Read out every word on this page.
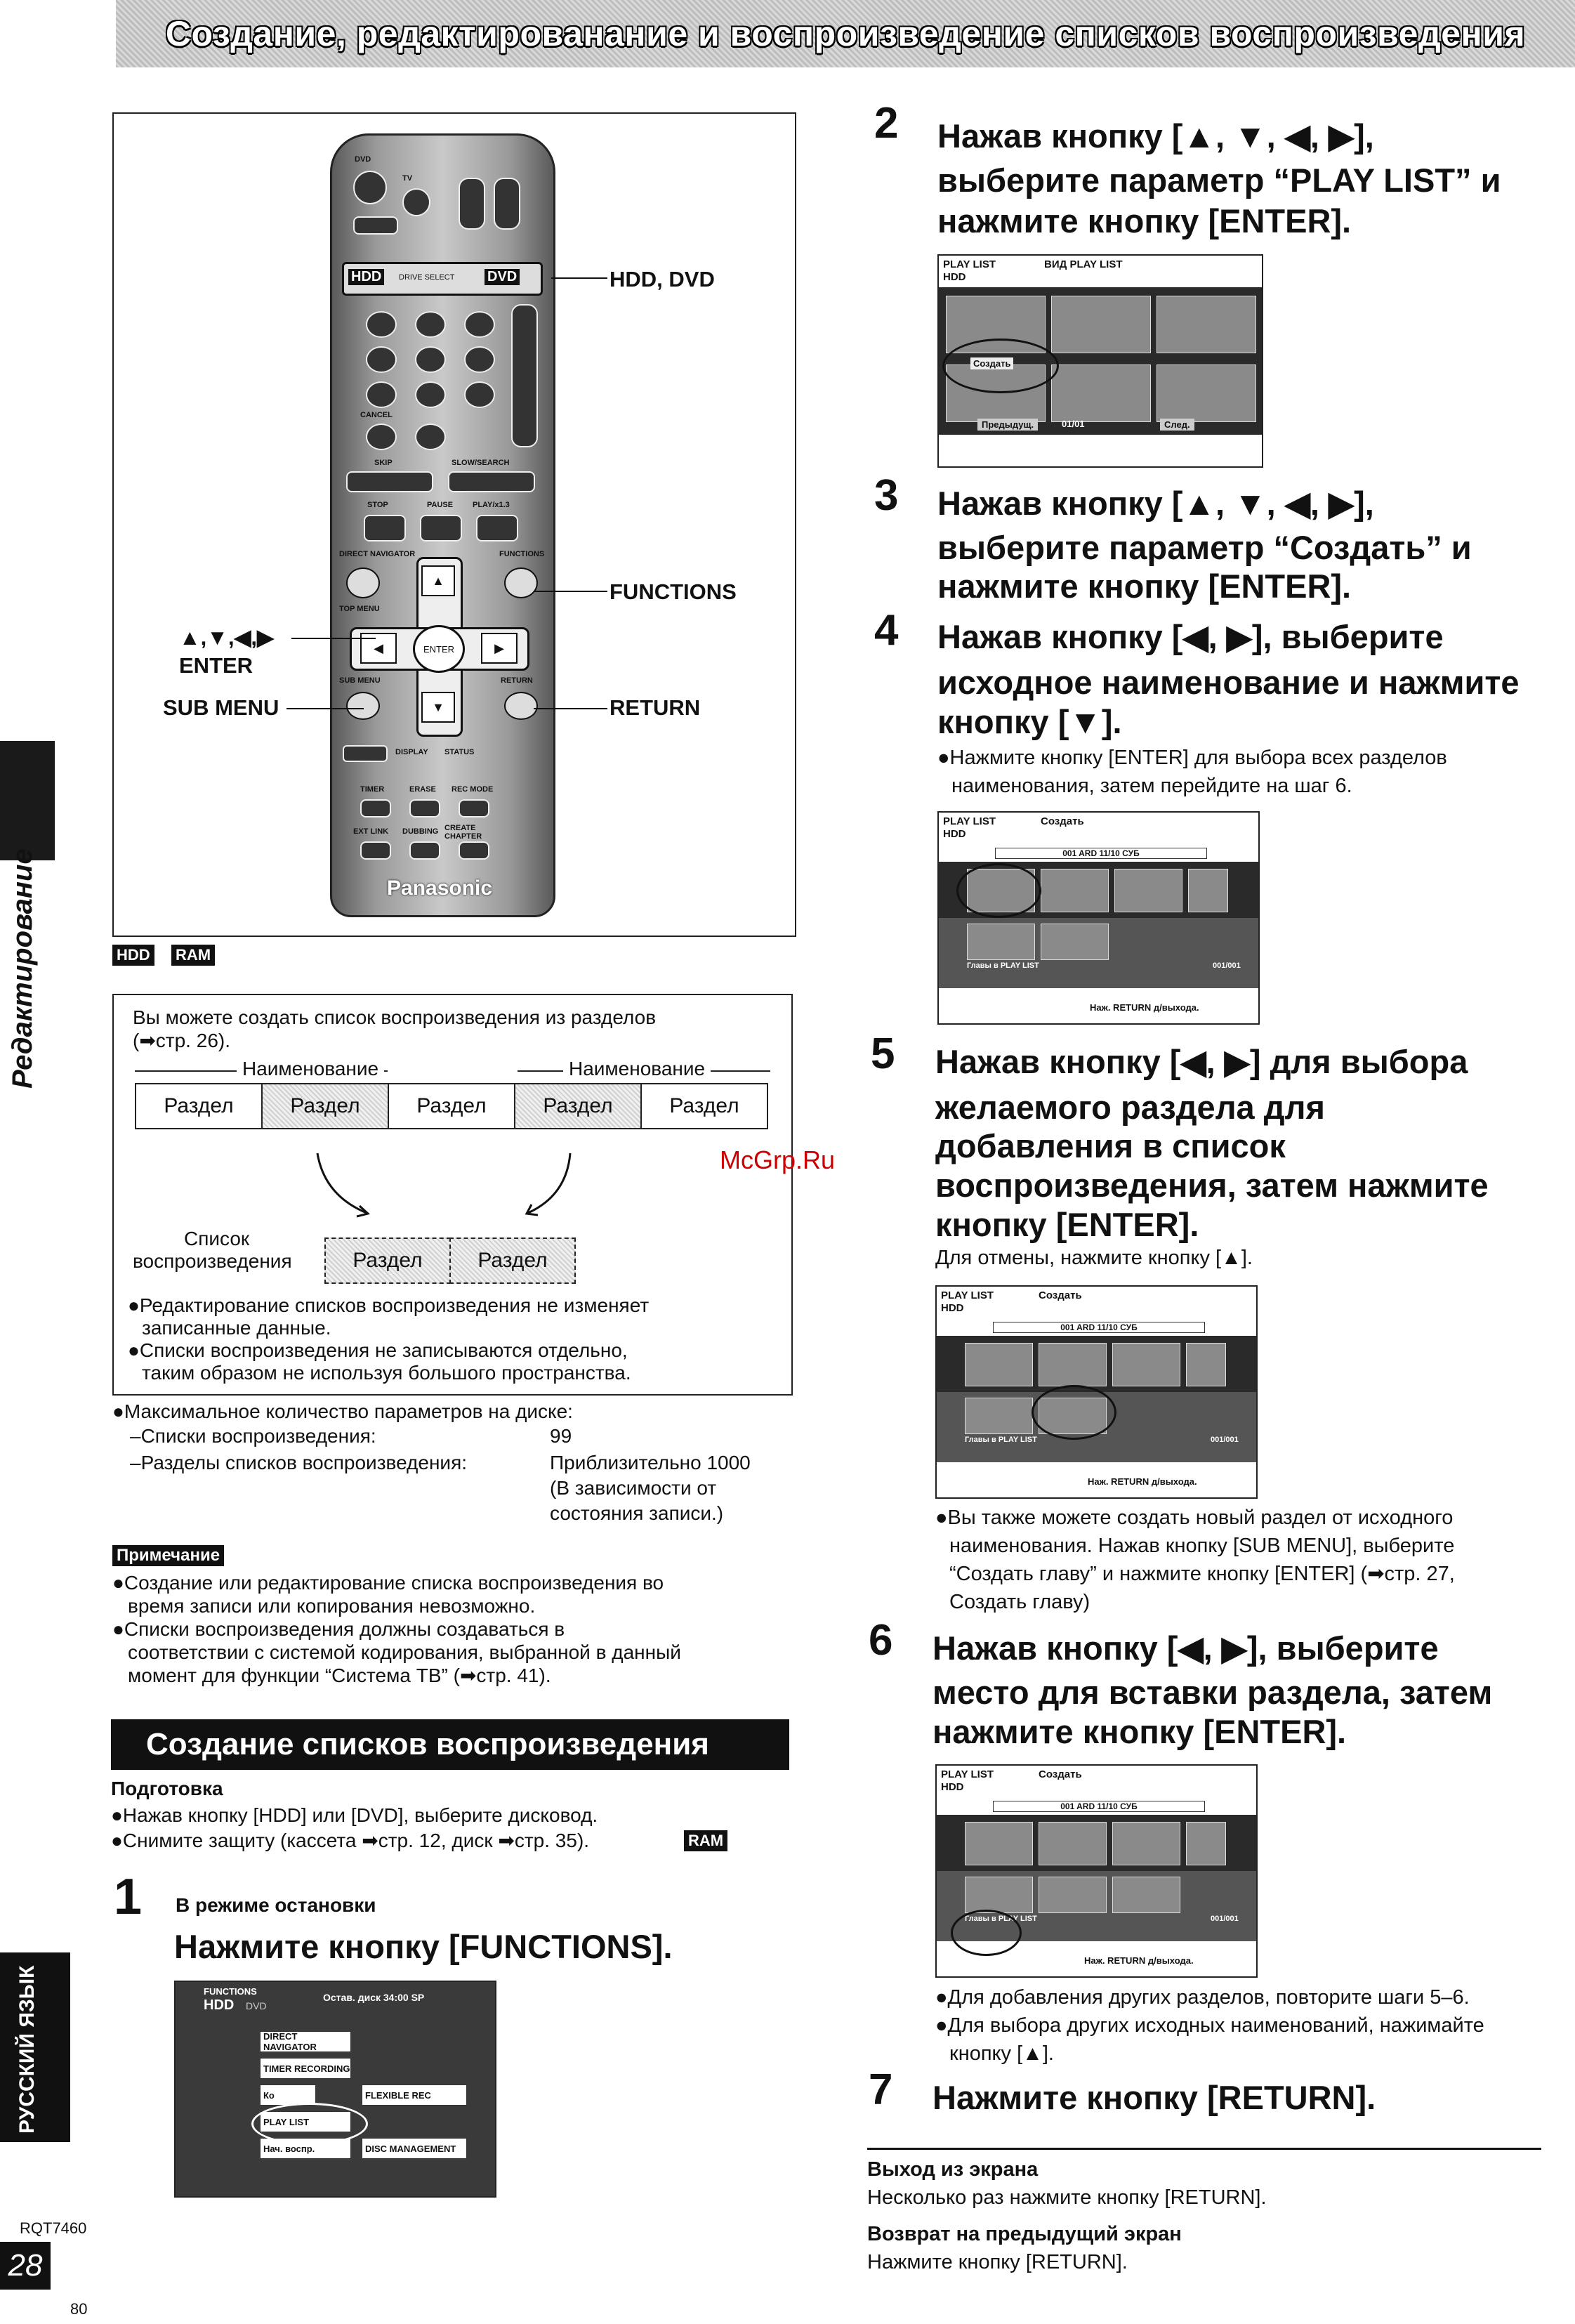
Создание, редактированание и воспроизведение списков воспроизведения
Редактирование
РУССКИЙ ЯЗЫК
RQT7460
28
80
DVD
TV
HDD	DRIVE SELECT DVD
CANCEL
SKIP	SLOW/SEARCH
STOP	PAUSE	PLAY/x1.3
DIRECT NAVIGATOR	FUNCTIONS
TOP MENU
▲
▼
◀	▶
ENTER
SUB MENU	RETURN
DISPLAY STATUS
TIMER	ERASE REC MODE
EXT LINK DUBBING CREATE CHAPTER
Panasonic
HDD, DVD
FUNCTIONS
▲,▼,◀,▶
ENTER
SUB MENU	RETURN
HDD RAM
Вы можете создать список воспроизведения из разделов
(➡стр. 26).
Наименование	Наименование
Раздел	Раздел	Раздел	Раздел	Раздел
Список
воспроизведения	Раздел	Раздел
●Редактирование списков воспроизведения не изменяет
записанные данные.
●Списки воспроизведения не записываются отдельно,
таким образом не используя большого пространства.
●Максимальное количество параметров на диске:
–Списки воспроизведения:	99
–Разделы списков воспроизведения:	Приблизительно 1000
(В зависимости от
состояния записи.)
McGrp.Ru
Примечание
●Создание или редактирование списка воспроизведения во
время записи или копирования невозможно.
●Списки воспроизведения должны создаваться в
соответствии с системой кодирования, выбранной в данный
момент для функции “Система ТВ” (➡стр. 41).
Создание списков воспроизведения
Подготовка
●Нажав кнопку [HDD] или [DVD], выберите дисковод.
●Снимите защиту (кассета ➡стр. 12, диск ➡стр. 35).	RAM
1 В режиме остановки
Нажмите кнопку [FUNCTIONS].
FUNCTIONS
HDD DVD
Остав. диск 34:00 SP
DIRECT NAVIGATOR
TIMER RECORDING
Ко	FLEXIBLE REC
PLAY LIST
Нач. воспр.	DISC MANAGEMENT
2 Нажав кнопку [▲, ▼, ◀, ▶],
выберите параметр “PLAY LIST” и
нажмите кнопку [ENTER].
PLAY LIST
HDD
ВИД PLAY LIST
Создать
Предыдущ.	01/01	След.
3 Нажав кнопку [▲, ▼, ◀, ▶],
выберите параметр “Создать” и
нажмите кнопку [ENTER].
4 Нажав кнопку [◀, ▶], выберите
исходное наименование и нажмите
кнопку [▼].
●Нажмите кнопку [ENTER] для выбора всех разделов
наименования, затем перейдите на шаг 6.
PLAY LIST
HDD
Создать
001 ARD 11/10 СУБ
Главы в PLAY LIST	001/001
Наж. RETURN д/выхода.
5 Нажав кнопку [◀, ▶] для выбора
желаемого раздела для
добавления в список
воспроизведения, затем нажмите
кнопку [ENTER].
Для отмены, нажмите кнопку [▲].
PLAY LIST
HDD
Создать
001 ARD 11/10 СУБ
Главы в PLAY LIST	001/001
Наж. RETURN д/выхода.
●Вы также можете создать новый раздел от исходного
наименования. Нажав кнопку [SUB MENU], выберите
“Создать главу” и нажмите кнопку [ENTER] (➡стр. 27,
Создать главу)
6 Нажав кнопку [◀, ▶], выберите
место для вставки раздела, затем
нажмите кнопку [ENTER].
PLAY LIST
HDD
Создать
001 ARD 11/10 СУБ
Главы в PLAY LIST	001/001
Наж. RETURN д/выхода.
●Для добавления других разделов, повторите шаги 5–6.
●Для выбора других исходных наименований, нажимайте
кнопку [▲].
7 Нажмите кнопку [RETURN].
Выход из экрана
Несколько раз нажмите кнопку [RETURN].
Возврат на предыдущий экран
Нажмите кнопку [RETURN].
